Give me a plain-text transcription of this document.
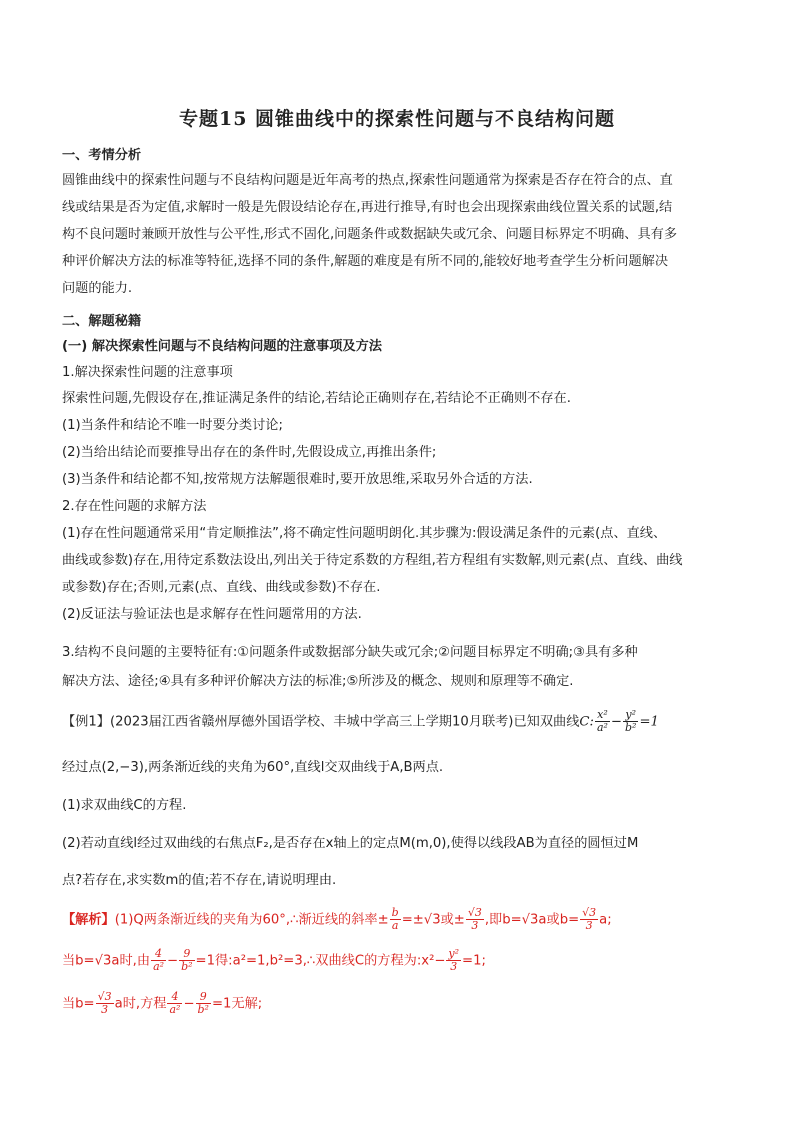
专题15 圆锥曲线中的探索性问题与不良结构问题
一、考情分析
圆锥曲线中的探索性问题与不良结构问题是近年高考的热点,探索性问题通常为探索是否存在符合的点、直
线或结果是否为定值,求解时一般是先假设结论存在,再进行推导,有时也会出现探索曲线位置关系的试题,结
构不良问题时兼顾开放性与公平性,形式不固化,问题条件或数据缺失或冗余、问题目标界定不明确、具有多
种评价解决方法的标准等特征,选择不同的条件,解题的难度是有所不同的,能较好地考查学生分析问题解决
问题的能力.
二、解题秘籍
(一) 解决探索性问题与不良结构问题的注意事项及方法
1.解决探索性问题的注意事项
探索性问题,先假设存在,推证满足条件的结论,若结论正确则存在,若结论不正确则不存在.
(1)当条件和结论不唯一时要分类讨论;
(2)当给出结论而要推导出存在的条件时,先假设成立,再推出条件;
(3)当条件和结论都不知,按常规方法解题很难时,要开放思维,采取另外合适的方法.
2.存在性问题的求解方法
(1)存在性问题通常采用“肯定顺推法”,将不确定性问题明朗化.其步骤为:假设满足条件的元素(点、直线、
曲线或参数)存在,用待定系数法设出,列出关于待定系数的方程组,若方程组有实数解,则元素(点、直线、曲线
或参数)存在;否则,元素(点、直线、曲线或参数)不存在.
(2)反证法与验证法也是求解存在性问题常用的方法.
3.结构不良问题的主要特征有:①问题条件或数据部分缺失或冗余;②问题目标界定不明确;③具有多种
解决方法、途径;④具有多种评价解决方法的标准;⑤所涉及的概念、规则和原理等不确定.
【例1】(2023届江西省赣州厚德外国语学校、丰城中学高三上学期10月联考)已知双曲线C: $\frac{\text{x²}}{\text{a²}} - \frac{\text{y²}}{\text{b²}} =1$
经过点(2,−3),两条渐近线的夹角为60°,直线l交双曲线于A,B两点.
(1)求双曲线C的方程.
(2)若动直线l经过双曲线的右焦点F₂,是否存在x轴上的定点M(m,0),使得以线段AB为直径的圆恒过M
点?若存在,求实数m的值;若不存在,请说明理由.
【解析】(1)Q两条渐近线的夹角为60°,∴渐近线的斜率± $\frac{b}{a} =\pm√3$或± $\frac{√3}{3}$ ,即b=√3a或$b= \frac{√3}{3} a$;
当b=√3a时,由 $\frac{4}{\text{a²}} - \frac{9}{\text{b²}} =1$得:a²=1,b²=3,∴双曲线C的方程为:x²− $\frac{\text{y²}}{3} =1$;
当$b= \frac{√3}{3}$ a时,方程 $\frac{4}{\text{a²}} - \frac{9}{\text{b²}} =1$无解;
